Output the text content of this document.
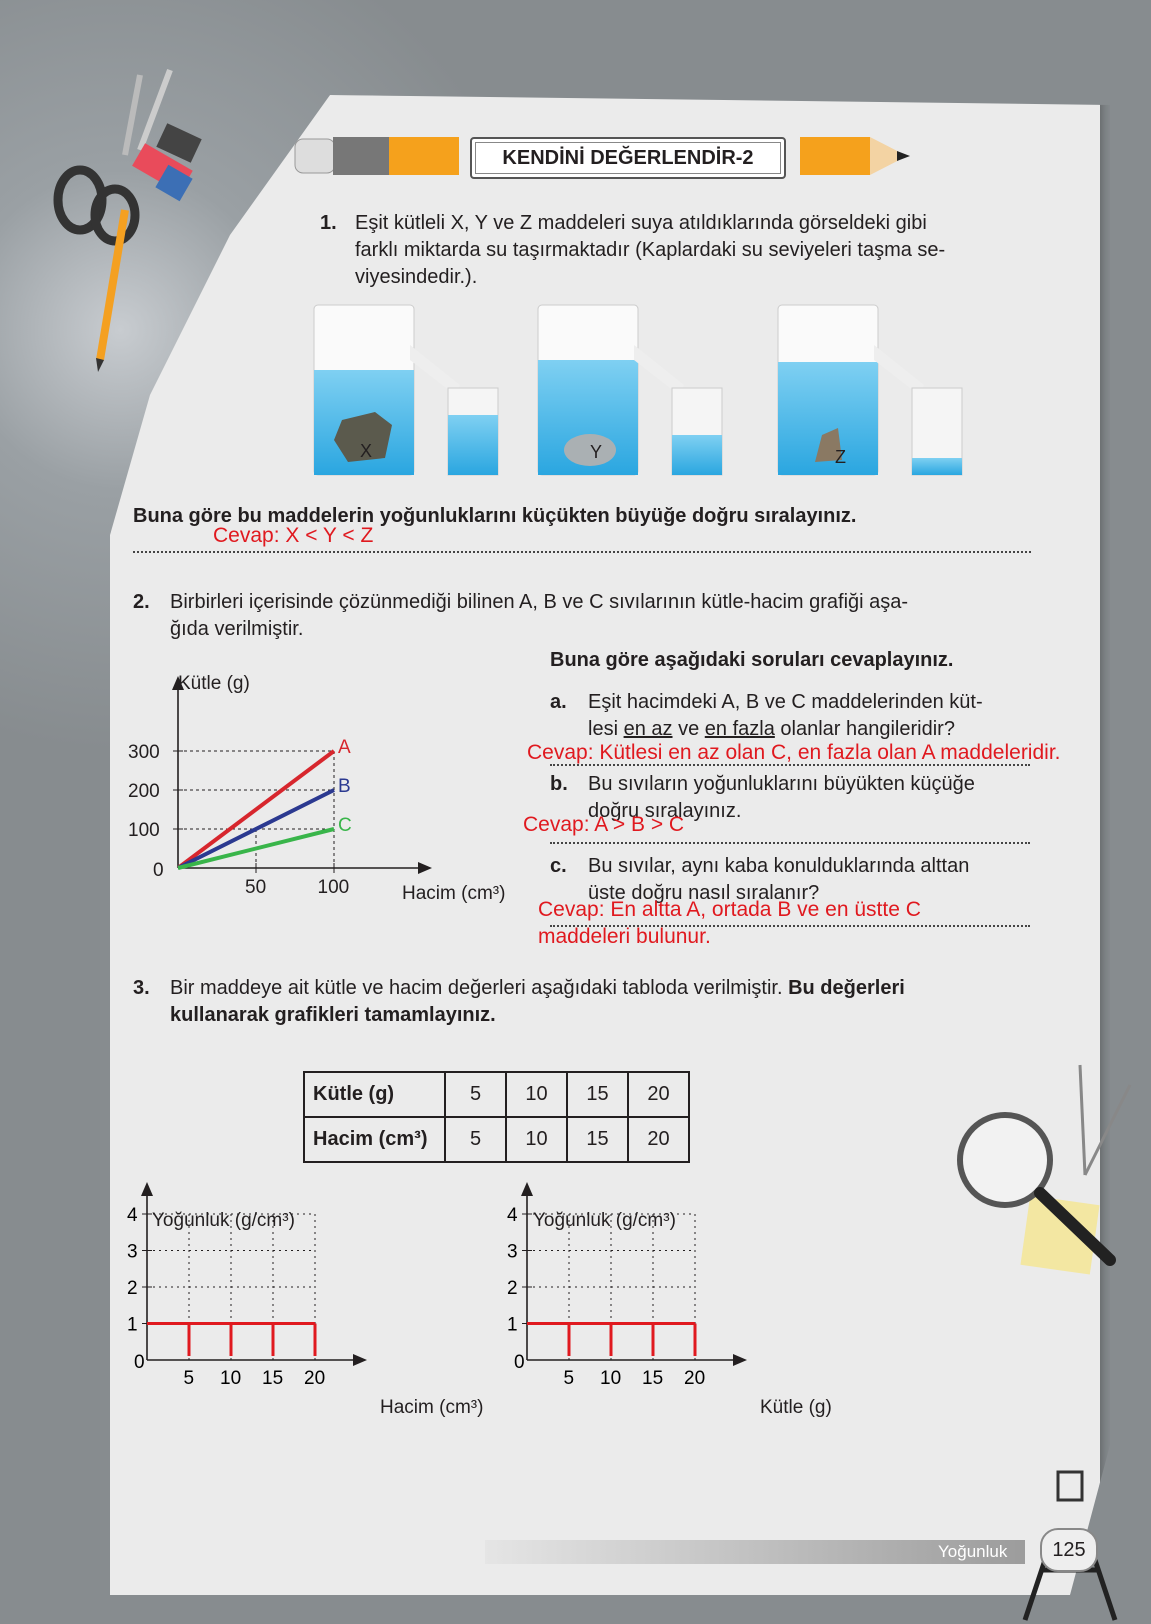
KENDİNİ DEĞERLENDİR-2
1. Eşit kütleli X, Y ve Z maddeleri suya atıldıklarında görseldeki gibi
farklı miktarda su taşırmaktadır (Kaplardaki su seviyeleri taşma se-
viyesindedir.).
X	Y	Z
Buna göre bu maddelerin yoğunluklarını küçükten büyüğe doğru sıralayınız.
Cevap: X < Y < Z
2. Birbirleri içerisinde çözünmediği bilinen A, B ve C sıvılarının kütle-hacim grafiği aşa-
ğıda verilmiştir.
Buna göre aşağıdaki soruları cevaplayınız.
A
B
C
0
100
200
300
50	100
Kütle (g)
Hacim (cm³)
a. Eşit hacimdeki A, B ve C maddelerinden küt-
lesi en az ve en fazla olanlar hangileridir?
Cevap: Kütlesi en az olan C, en fazla olan A maddeleridir.
b. Bu sıvıların yoğunluklarını büyükten küçüğe
doğru sıralayınız.
Cevap: A > B > C
c. Bu sıvılar, aynı kaba konulduklarında alttan
üste doğru nasıl sıralanır?
Cevap: En altta A, ortada B ve en üstte C
maddeleri bulunur.
3. Bir maddeye ait kütle ve hacim değerleri aşağıdaki tabloda verilmiştir. Bu değerleri
kullanarak grafikleri tamamlayınız.
Kütle (g)	5	10	15	20
Hacim (cm³)	5	10	15	20
5 10 15 20
0
1
2
3
4 Yoğunluk (g/cm³)
Hacim (cm³)
5 10 15 20
0
1
2
3
4 Yoğunluk (g/cm³)
Kütle (g)
Yoğunluk	125
